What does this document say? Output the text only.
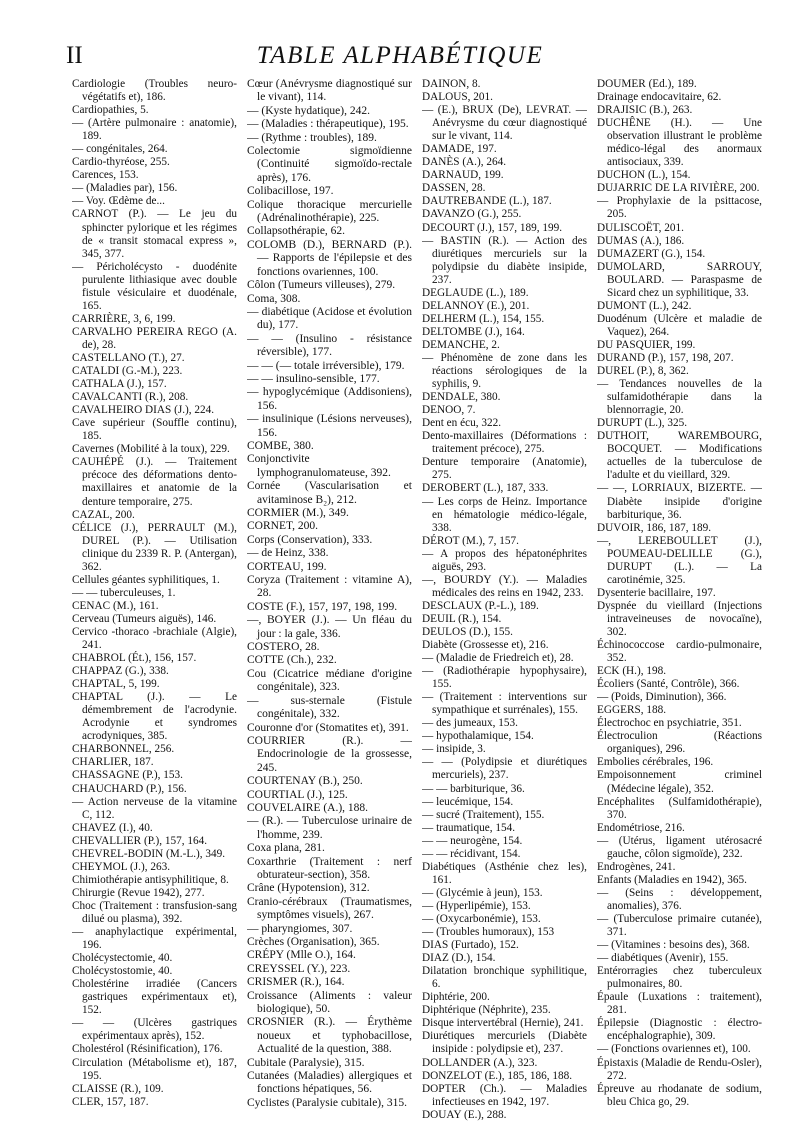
II	TABLE ALPHABÉTIQUE

Cardiologie (Troubles neuro-végétatifs et), 186.

Cardiopathies, 5.

— (Artère pulmonaire : anatomie), 189.

— congénitales, 264.

Cardio-thyréose, 255.

Carences, 153.

— (Maladies par), 156.

— Voy. Œdème de...

CARNOT (P.). — Le jeu du sphincter pylorique et les régimes de « transit stomacal express », 345, 377.

— Péricholécysto - duodénite purulente lithiasique avec double fistule vésiculaire et duodénale, 165.

CARRIÈRE, 3, 6, 199.

CARVALHO PEREIRA REGO (A. de), 28.

CASTELLANO (T.), 27.

CATALDI (G.-M.), 223.

CATHALA (J.), 157.

CAVALCANTI (R.), 208.

CAVALHEIRO DIAS (J.), 224.

Cave supérieur (Souffle continu), 185.

Cavernes (Mobilité à la toux), 229.

CAUHÉPÉ (J.). — Traitement précoce des déformations dento-maxillaires et anatomie de la denture temporaire, 275.

CAZAL, 200.

CÉLICE (J.), PERRAULT (M.), DUREL (P.). — Utilisation clinique du 2339 R. P. (Antergan), 362.

Cellules géantes syphilitiques, 1.

— — tuberculeuses, 1.

CENAC (M.), 161.

Cerveau (Tumeurs aiguës), 146.

Cervico -thoraco -brachiale (Algie), 241.

CHABROL (Ét.), 156, 157.

CHAPPAZ (G.), 338.

CHAPTAL, 5, 199.

CHAPTAL (J.). — Le démembrement de l'acrodynie. Acrodynie et syndromes acrodyniques, 385.

CHARBONNEL, 256.

CHARLIER, 187.

CHASSAGNE (P.), 153.

CHAUCHARD (P.), 156.

— Action nerveuse de la vitamine C, 112.

CHAVEZ (I.), 40.

CHEVALLIER (P.), 157, 164.

CHEVREL-BODIN (M.-L.), 349.

CHEYMOL (J.), 263.

Chimiothérapie antisyphilitique, 8.

Chirurgie (Revue 1942), 277.

Choc (Traitement : transfusion-sang dilué ou plasma), 392.

— anaphylactique expérimental, 196.

Cholécystectomie, 40.

Cholécystostomie, 40.

Cholestérine irradiée (Cancers gastriques expérimentaux et), 152.

— — (Ulcères gastriques expérimentaux après), 152.

Cholestérol (Résinification), 176.

Circulation (Métabolisme et), 187, 195.

CLAISSE (R.), 109.

CLER, 157, 187.

Cœur (Anévrysme diagnostiqué sur le vivant), 114.

— (Kyste hydatique), 242.

— (Maladies : thérapeutique), 195.

— (Rythme : troubles), 189.

Colectomie sigmoïdienne (Continuité sigmoïdo-rectale après), 176.

Colibacillose, 197.

Colique thoracique mercurielle (Adrénalinothérapie), 225.

Collapsothérapie, 62.

COLOMB (D.), BERNARD (P.). — Rapports de l'épilepsie et des fonctions ovariennes, 100.

Côlon (Tumeurs villeuses), 279.

Coma, 308.

— diabétique (Acidose et évolution du), 177.

— — (Insulino - résistance réversible), 177.

— — (— totale irréversible), 179.

— — insulino-sensible, 177.

— hypoglycémique (Addisoniens), 156.

— insulinique (Lésions nerveuses), 156.

COMBE, 380.

Conjonctivite lymphogranulomateuse, 392.

Cornée (Vascularisation et avitaminose B₂), 212.

CORMIER (M.), 349.

CORNET, 200.

Corps (Conservation), 333.

— de Heinz, 338.

CORTEAU, 199.

Coryza (Traitement : vitamine A), 28.

COSTE (F.), 157, 197, 198, 199.

—, BOYER (J.). — Un fléau du jour : la gale, 336.

COSTERO, 28.

COTTE (Ch.), 232.

Cou (Cicatrice médiane d'origine congénitale), 323.

— sus-sternale (Fistule congénitale), 332.

Couronne d'or (Stomatites et), 391.

COURRIER (R.). — Endocrinologie de la grossesse, 245.

COURTENAY (B.), 250.

COURTIAL (J.), 125.

COUVELAIRE (A.), 188.

— (R.). — Tuberculose urinaire de l'homme, 239.

Coxa plana, 281.

Coxarthrie (Traitement : nerf obturateur-section), 358.

Crâne (Hypotension), 312.

Cranio-cérébraux (Traumatismes, symptômes visuels), 267.

— pharyngiomes, 307.

Crèches (Organisation), 365.

CRÉPY (Mlle O.), 164.

CREYSSEL (Y.), 223.

CRISMER (R.), 164.

Croissance (Aliments : valeur biologique), 50.

CROSNIER (R.). — Érythème noueux et typhobacillose, Actualité de la question, 388.

Cubitale (Paralysie), 315.

Cutanées (Maladies) allergiques et fonctions hépatiques, 56.

Cyclistes (Paralysie cubitale), 315.

DAINON, 8.

DALOUS, 201.

— (E.), BRUX (De), LEVRAT. — Anévrysme du cœur diagnostiqué sur le vivant, 114.

DAMADE, 197.

DANÈS (A.), 264.

DARNAUD, 199.

DASSEN, 28.

DAUTREBANDE (L.), 187.

DAVANZO (G.), 255.

DECOURT (J.), 157, 189, 199.

— BASTIN (R.). — Action des diurétiques mercuriels sur la polydipsie du diabète insipide, 237.

DEGLAUDE (L.), 189.

DELANNOY (E.), 201.

DELHERM (L.), 154, 155.

DELTOMBE (J.), 164.

DEMANCHE, 2.

— Phénomène de zone dans les réactions sérologiques de la syphilis, 9.

DENDALE, 380.

DENOO, 7.

Dent en écu, 322.

Dento-maxillaires (Déformations : traitement précoce), 275.

Denture temporaire (Anatomie), 275.

DEROBERT (L.), 187, 333.

— Les corps de Heinz. Importance en hématologie médico-légale, 338.

DÉROT (M.), 7, 157.

— A propos des hépatonéphrites aiguës, 293.

—, BOURDY (Y.). — Maladies médicales des reins en 1942, 233.

DESCLAUX (P.-L.), 189.

DEUIL (R.), 154.

DEULOS (D.), 155.

Diabète (Grossesse et), 216.

— (Maladie de Friedreich et), 28.

— (Radiothérapie hypophysaire), 155.

— (Traitement : interventions sur sympathique et surrénales), 155.

— des jumeaux, 153.

— hypothalamique, 154.

— insipide, 3.

— — (Polydipsie et diurétiques mercuriels), 237.

— — barbiturique, 36.

— leucémique, 154.

— sucré (Traitement), 155.

— traumatique, 154.

— — neurogène, 154.

— — récidivant, 154.

Diabétiques (Asthénie chez les), 161.

— (Glycémie à jeun), 153.

— (Hyperlipémie), 153.

— (Oxycarbonémie), 153.

— (Troubles humoraux), 153

DIAS (Furtado), 152.

DIAZ (D.), 154.

Dilatation bronchique syphilitique, 6.

Diphtérie, 200.

Diphtérique (Néphrite), 235.

Disque intervertébral (Hernie), 241.

Diurétiques mercuriels (Diabète insipide : polydipsie et), 237.

DOLLANDER (A.), 323.

DONZELOT (E.), 185, 186, 188.

DOPTER (Ch.). — Maladies infectieuses en 1942, 197.

DOUAY (E.), 288.

DOUMER (Ed.), 189.

Drainage endocavitaire, 62.

DRAJISIC (B.), 263.

DUCHÊNE (H.). — Une observation illustrant le problème médico-légal des anormaux antisociaux, 339.

DUCHON (L.), 154.

DUJARRIC DE LA RIVIÈRE, 200.

— Prophylaxie de la psittacose, 205.

DULISCOËT, 201.

DUMAS (A.), 186.

DUMAZERT (G.), 154.

DUMOLARD, SARROUY, BOULARD. — Paraspasme de Sicard chez un syphilitique, 33.

DUMONT (L.), 242.

Duodénum (Ulcère et maladie de Vaquez), 264.

DU PASQUIER, 199.

DURAND (P.), 157, 198, 207.

DUREL (P.), 8, 362.

— Tendances nouvelles de la sulfamidothérapie dans la blennorragie, 20.

DURUPT (L.), 325.

DUTHOIT, WAREMBOURG, BOCQUET. — Modifications actuelles de la tuberculose de l'adulte et du vieillard, 329.

— —, LORRIAUX, BIZERTE. — Diabète insipide d'origine barbiturique, 36.

DUVOIR, 186, 187, 189.

—, LEREBOULLET (J.), POUMEAU-DELILLE (G.), DURUPT (L.). — La carotinémie, 325.

Dysenterie bacillaire, 197.

Dyspnée du vieillard (Injections intraveineuses de novocaïne), 302.

Échinococcose cardio-pulmonaire, 352.

ECK (H.), 198.

Écoliers (Santé, Contrôle), 366.

— (Poids, Diminution), 366.

EGGERS, 188.

Électrochoc en psychiatrie, 351.

Électroculion (Réactions organiques), 296.

Embolies cérébrales, 196.

Empoisonnement criminel (Médecine légale), 352.

Encéphalites (Sulfamidothérapie), 370.

Endométriose, 216.

— (Utérus, ligament utérosacré gauche, côlon sigmoïde), 232.

Endrogènes, 241.

Enfants (Maladies en 1942), 365.

— (Seins : développement, anomalies), 376.

— (Tuberculose primaire cutanée), 371.

— (Vitamines : besoins des), 368.

— diabétiques (Avenir), 155.

Entérorragies chez tuberculeux pulmonaires, 80.

Épaule (Luxations : traitement), 281.

Épilepsie (Diagnostic : électro-encéphalographie), 309.

— (Fonctions ovariennes et), 100.

Épistaxis (Maladie de Rendu-Osler), 272.

Épreuve au rhodanate de sodium, bleu Chica go, 29.
